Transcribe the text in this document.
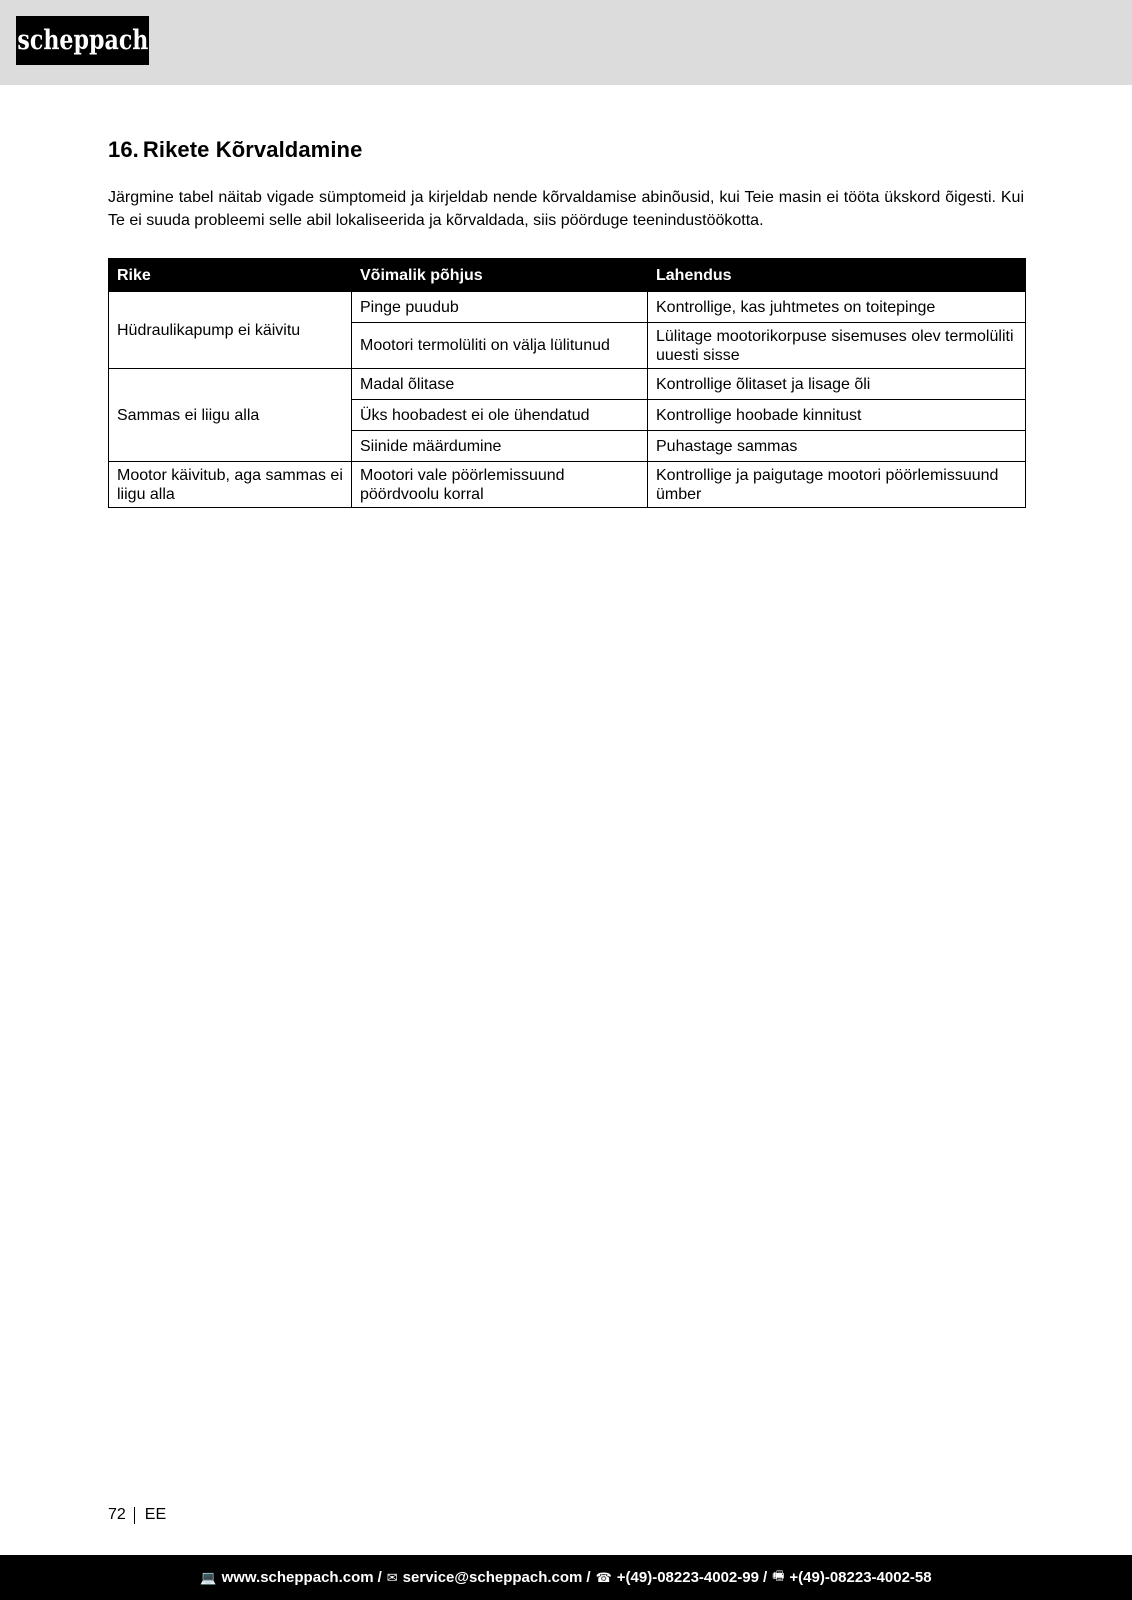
scheppach
16. Rikete Kõrvaldamine

Järgmine tabel näitab vigade sümptomeid ja kirjeldab nende kõrvaldamise abinõusid, kui Teie masin ei tööta ükskord õigesti. Kui Te ei suuda probleemi selle abil lokaliseerida ja kõrvaldada, siis pöörduge teenindustöökotta.

Rike	Võimalik põhjus	Lahendus
Hüdraulikapump ei käivitu	Pinge puudub	Kontrollige, kas juhtmetes on toitepinge
	Mootori termolüliti on välja lülitunud	Lülitage mootorikorpuse sisemuses olev termolüliti uuesti sisse
Sammas ei liigu alla	Madal õlitase	Kontrollige õlitaset ja lisage õli
	Üks hoobadest ei ole ühendatud	Kontrollige hoobade kinnitust
	Siinide määrdumine	Puhastage sammas
Mootor käivitub, aga sammas ei liigu alla	Mootori vale pöörlemissuund pöördvoolu korral	Kontrollige ja paigutage mootori pöörlemissuund ümber
72 EE
💻 www.scheppach.com / ✉ service@scheppach.com / ☎ +(49)-08223-4002-99 / 🖷 +(49)-08223-4002-58
